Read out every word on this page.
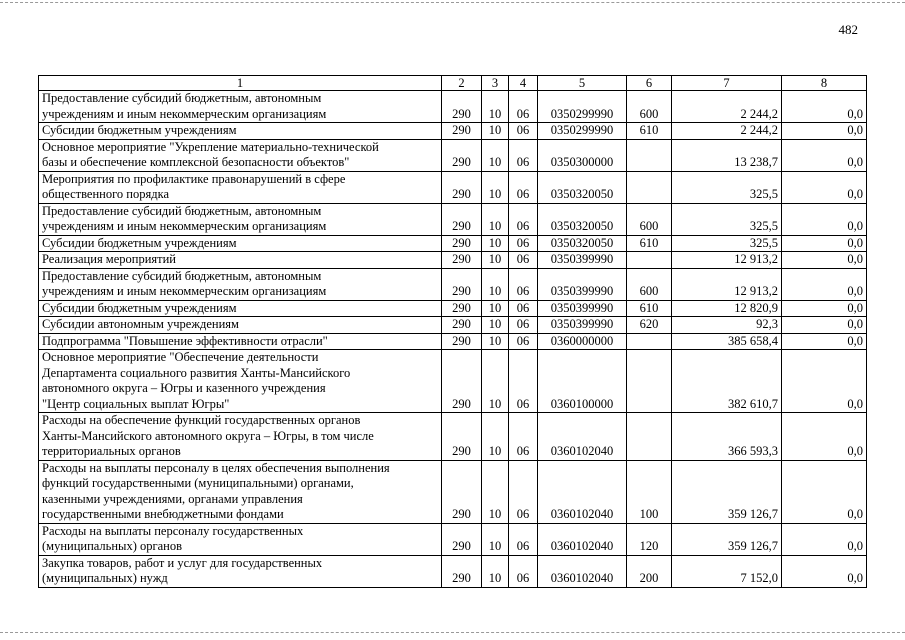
482
1	2	3	4	5	6	7	8
Предоставление субсидий бюджетным, автономным
учреждениям и иным некоммерческим организациям	290	10	06	0350299990	600	2 244,2	0,0
Субсидии бюджетным учреждениям	290	10	06	0350299990	610	2 244,2	0,0
Основное мероприятие "Укрепление материально-технической
базы и обеспечение комплексной безопасности объектов"	290	10	06	0350300000		13 238,7	0,0
Мероприятия по профилактике правонарушений в сфере
общественного порядка	290	10	06	0350320050		325,5	0,0
Предоставление субсидий бюджетным, автономным
учреждениям и иным некоммерческим организациям	290	10	06	0350320050	600	325,5	0,0
Субсидии бюджетным учреждениям	290	10	06	0350320050	610	325,5	0,0
Реализация мероприятий	290	10	06	0350399990		12 913,2	0,0
Предоставление субсидий бюджетным, автономным
учреждениям и иным некоммерческим организациям	290	10	06	0350399990	600	12 913,2	0,0
Субсидии бюджетным учреждениям	290	10	06	0350399990	610	12 820,9	0,0
Субсидии автономным учреждениям	290	10	06	0350399990	620	92,3	0,0
Подпрограмма "Повышение эффективности отрасли"	290	10	06	0360000000		385 658,4	0,0
Основное мероприятие "Обеспечение деятельности
Департамента социального развития Ханты-Мансийского
автономного округа – Югры и казенного учреждения
"Центр социальных выплат Югры"	290	10	06	0360100000		382 610,7	0,0
Расходы на обеспечение функций государственных органов
Ханты-Мансийского автономного округа – Югры, в том числе
территориальных органов	290	10	06	0360102040		366 593,3	0,0
Расходы на выплаты персоналу в целях обеспечения выполнения
функций государственными (муниципальными) органами,
казенными учреждениями, органами управления
государственными внебюджетными фондами	290	10	06	0360102040	100	359 126,7	0,0
Расходы на выплаты персоналу государственных
(муниципальных) органов	290	10	06	0360102040	120	359 126,7	0,0
Закупка товаров, работ и услуг для государственных
(муниципальных) нужд	290	10	06	0360102040	200	7 152,0	0,0
